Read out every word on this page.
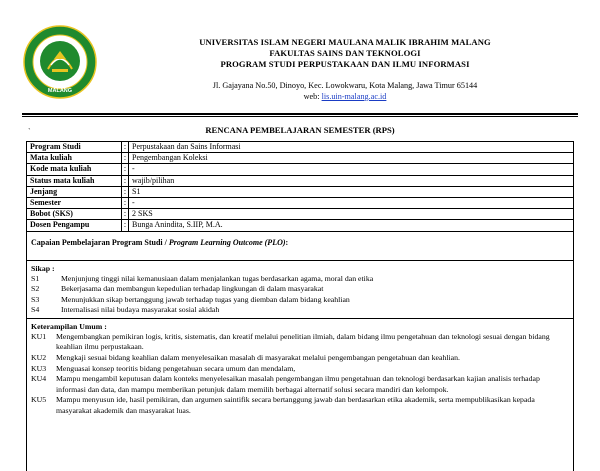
MALANG
UNIVERSITAS ISLAM NEGERI MAULANA MALIK IBRAHIM MALANG
FAKULTAS SAINS DAN TEKNOLOGI
PROGRAM STUDI PERPUSTAKAAN DAN ILMU INFORMASI
Jl. Gajayana No.50, Dinoyo, Kec. Lowokwaru, Kota Malang, Jawa Timur 65144
web: lis.uin-malang.ac.id
`	RENCANA PEMBELAJARAN SEMESTER (RPS)
Program Studi	:	Perpustakaan dan Sains Informasi
Mata kuliah	:	Pengembangan Koleksi
Kode mata kuliah	:	-
Status mata kuliah	:	wajib/pilihan
Jenjang	:	S1
Semester	:	-
Bobot (SKS)	:	2 SKS
Dosen Pengampu	:	Bunga Anindita, S.IIP, M.A.
Capaian Pembelajaran Program Studi / Program Learning Outcome (PLO):
Sikap :
S1	Menjunjung tinggi nilai kemanusiaan dalam menjalankan tugas berdasarkan agama, moral dan etika
S2	Bekerjasama dan membangun kepedulian terhadap lingkungan di dalam masyarakat
S3	Menunjukkan sikap bertanggung jawab terhadap tugas yang diemban dalam bidang keahlian
S4	Internalisasi nilai budaya masyarakat sosial akidah
Keterampilan Umum :
KU1	Mengembangkan pemikiran logis, kritis, sistematis, dan kreatif melalui penelitian ilmiah, dalam bidang ilmu pengetahuan dan teknologi sesuai dengan bidang keahlian ilmu perpustakaan.
KU2	Mengkaji sesuai bidang keahlian dalam menyelesaikan masalah di masyarakat melalui pengembangan pengetahuan dan keahlian.
KU3	Menguasai konsep teoritis bidang pengetahuan secara umum dan mendalam,
KU4	Mampu mengambil keputusan dalam konteks menyelesaikan masalah pengembangan ilmu pengetahuan dan teknologi berdasarkan kajian analisis terhadap informasi dan data, dan mampu memberikan petunjuk dalam memilih berbagai alternatif solusi secara mandiri dan kelompok.
KU5	Mampu menyusun ide, hasil pemikiran, dan argumen saintifik secara bertanggung jawab dan berdasarkan etika akademik, serta mempublikasikan kepada masyarakat akademik dan masyarakat luas.
